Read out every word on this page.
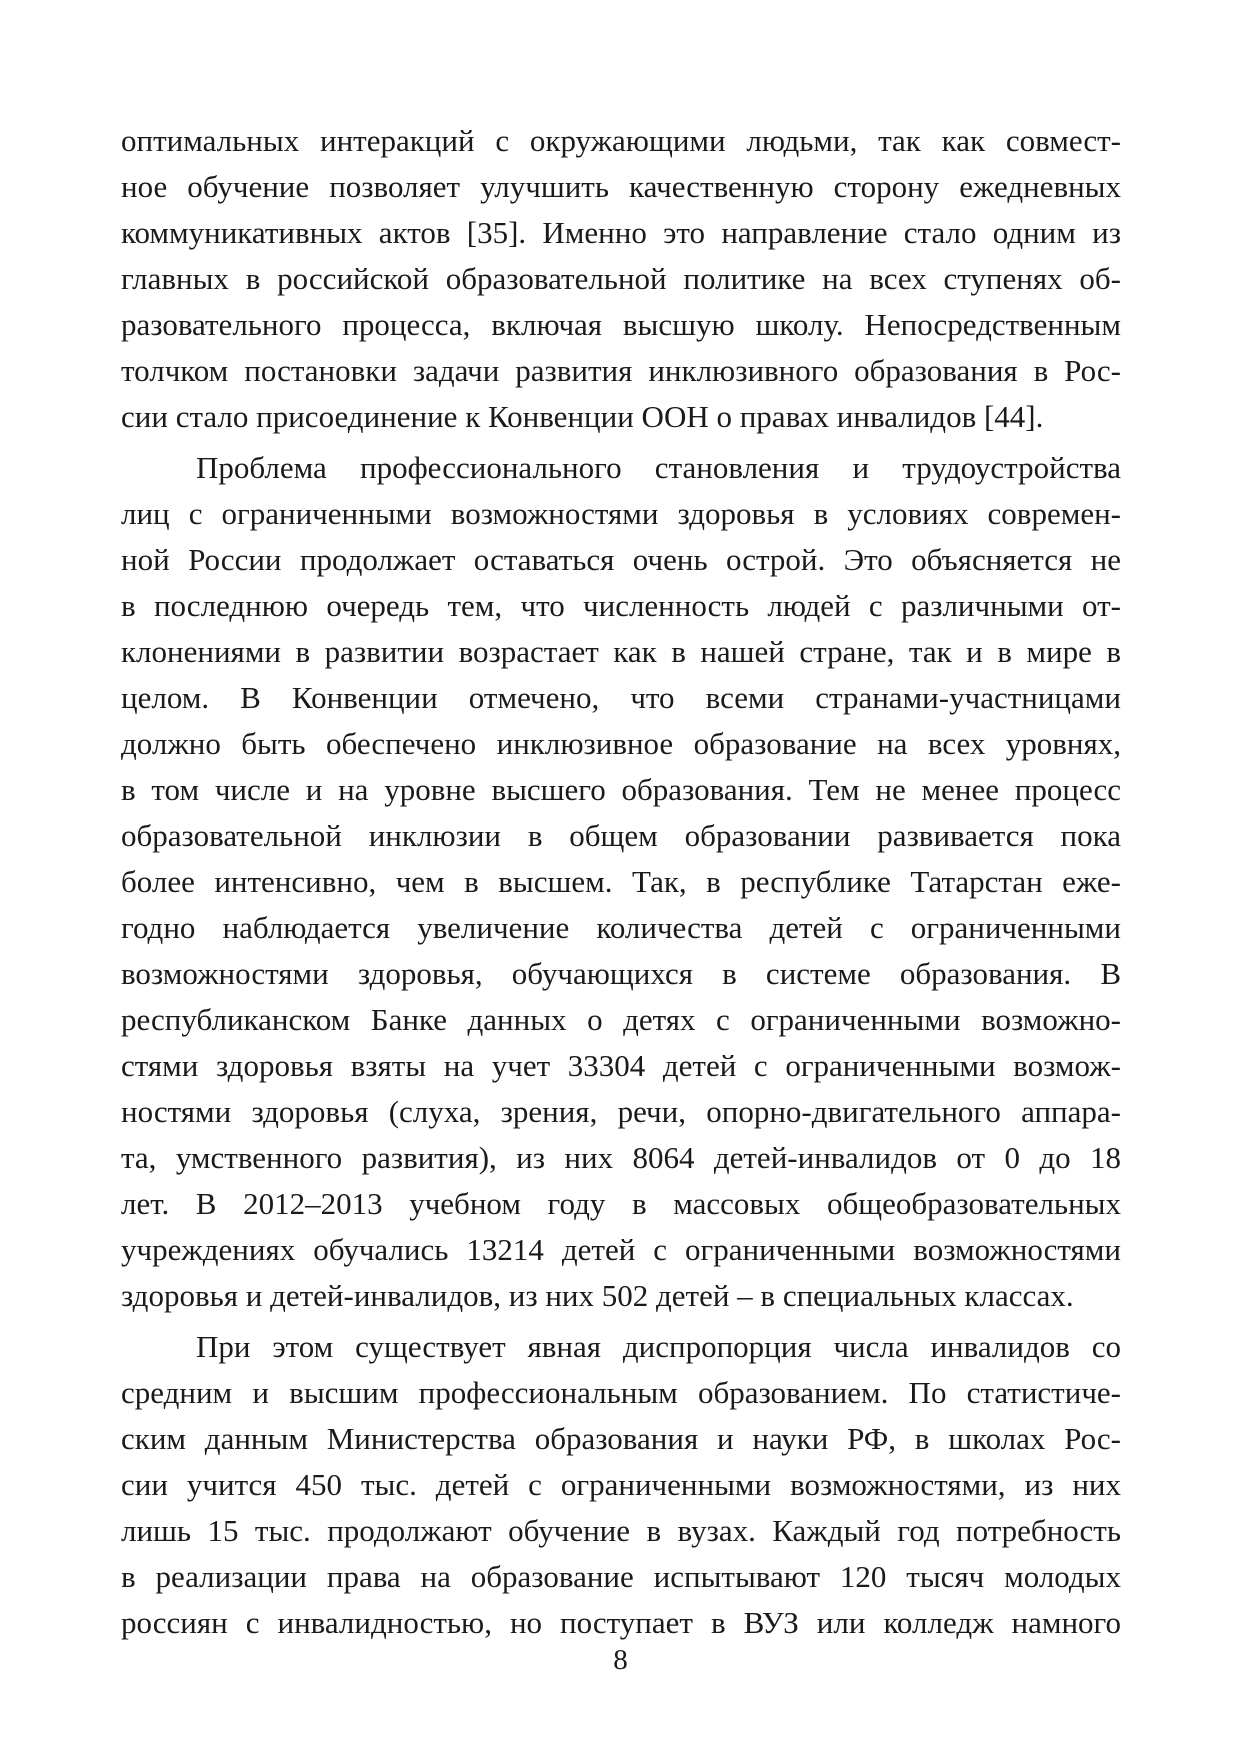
оптимальных интеракций с окружающими людьми, так как совмест-
ное обучение позволяет улучшить качественную сторону ежедневных
коммуникативных актов [35]. Именно это направление стало одним из
главных в российской образовательной политике на всех ступенях об-
разовательного процесса, включая высшую школу. Непосредственным
толчком постановки задачи развития инклюзивного образования в Рос-
сии стало присоединение к Конвенции ООН о правах инвалидов [44].
Проблема профессионального становления и трудоустройства
лиц с ограниченными возможностями здоровья в условиях современ-
ной России продолжает оставаться очень острой. Это объясняется не
в последнюю очередь тем, что численность людей с различными от-
клонениями в развитии возрастает как в нашей стране, так и в мире в
целом. В Конвенции отмечено, что всеми странами-участницами
должно быть обеспечено инклюзивное образование на всех уровнях,
в том числе и на уровне высшего образования. Тем не менее процесс
образовательной инклюзии в общем образовании развивается пока
более интенсивно, чем в высшем. Так, в республике Татарстан еже-
годно наблюдается увеличение количества детей с ограниченными
возможностями здоровья, обучающихся в системе образования. В
республиканском Банке данных о детях с ограниченными возможно-
стями здоровья взяты на учет 33304 детей с ограниченными возмож-
ностями здоровья (слуха, зрения, речи, опорно-двигательного аппара-
та, умственного развития), из них 8064 детей-инвалидов от 0 до 18
лет. В 2012–2013 учебном году в массовых общеобразовательных
учреждениях обучались 13214 детей с ограниченными возможностями
здоровья и детей-инвалидов, из них 502 детей – в специальных классах.
При этом существует явная диспропорция числа инвалидов со
средним и высшим профессиональным образованием. По статистиче-
ским данным Министерства образования и науки РФ, в школах Рос-
сии учится 450 тыс. детей с ограниченными возможностями, из них
лишь 15 тыс. продолжают обучение в вузах. Каждый год потребность
в реализации права на образование испытывают 120 тысяч молодых
россиян с инвалидностью, но поступает в ВУЗ или колледж намного
8
